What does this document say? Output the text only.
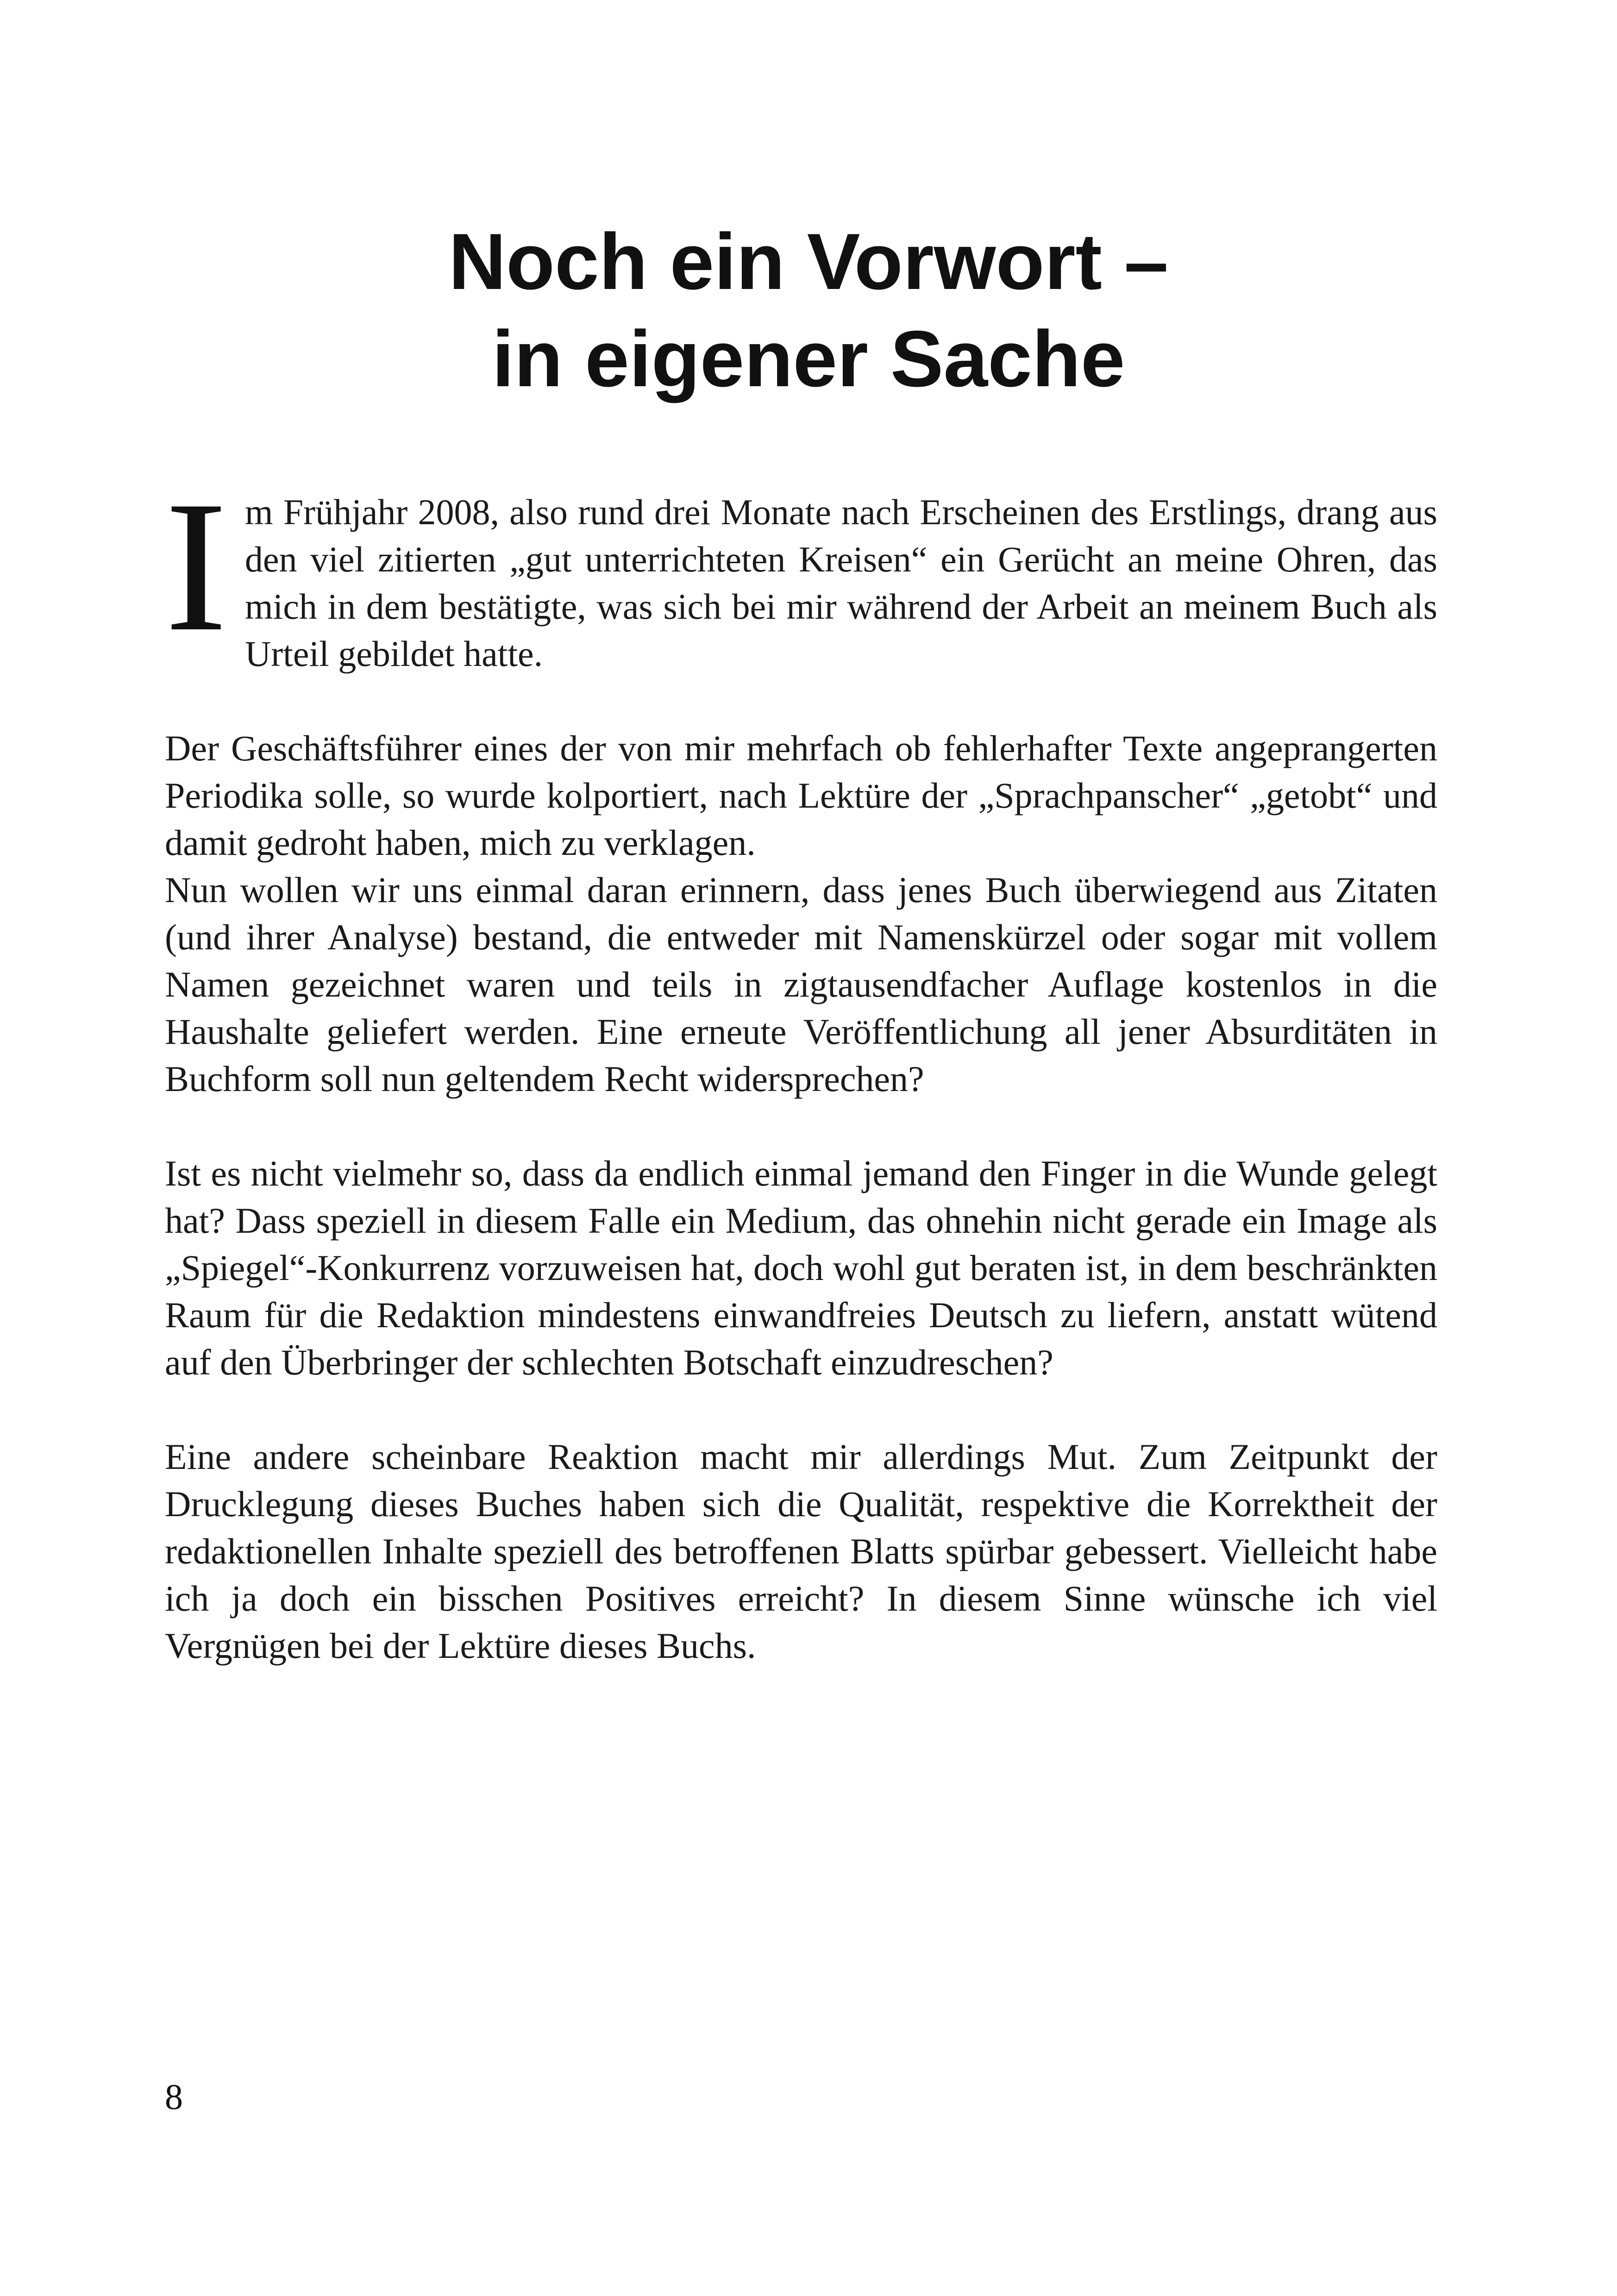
Noch ein Vorwort –
in eigener Sache

Im Frühjahr 2008, also rund drei Monate nach Erscheinen des Erstlings, drang aus den viel zitierten „gut unterrichteten Kreisen“ ein Gerücht an meine Ohren, das mich in dem bestätigte, was sich bei mir während der Arbeit an meinem Buch als Urteil gebildet hatte.

Der Geschäftsführer eines der von mir mehrfach ob fehlerhafter Texte angeprangerten Periodika solle, so wurde kolportiert, nach Lektüre der „Sprachpanscher“ „getobt“ und damit gedroht haben, mich zu verklagen.

Nun wollen wir uns einmal daran erinnern, dass jenes Buch überwiegend aus Zitaten (und ihrer Analyse) bestand, die entweder mit Namenskürzel oder sogar mit vollem Namen gezeichnet waren und teils in zigtausendfacher Auflage kostenlos in die Haushalte geliefert werden. Eine erneute Veröffentlichung all jener Absurditäten in Buchform soll nun geltendem Recht widersprechen?

Ist es nicht vielmehr so, dass da endlich einmal jemand den Finger in die Wunde gelegt hat? Dass speziell in diesem Falle ein Medium, das ohnehin nicht gerade ein Image als „Spiegel“-Konkurrenz vorzuweisen hat, doch wohl gut beraten ist, in dem beschränkten Raum für die Redaktion mindestens einwandfreies Deutsch zu liefern, anstatt wütend auf den Überbringer der schlechten Botschaft einzudreschen?

Eine andere scheinbare Reaktion macht mir allerdings Mut. Zum Zeitpunkt der Drucklegung dieses Buches haben sich die Qualität, respektive die Korrektheit der redaktionellen Inhalte speziell des betroffenen Blatts spürbar gebessert. Vielleicht habe ich ja doch ein bisschen Positives erreicht? In diesem Sinne wünsche ich viel Vergnügen bei der Lektüre dieses Buchs.

8
